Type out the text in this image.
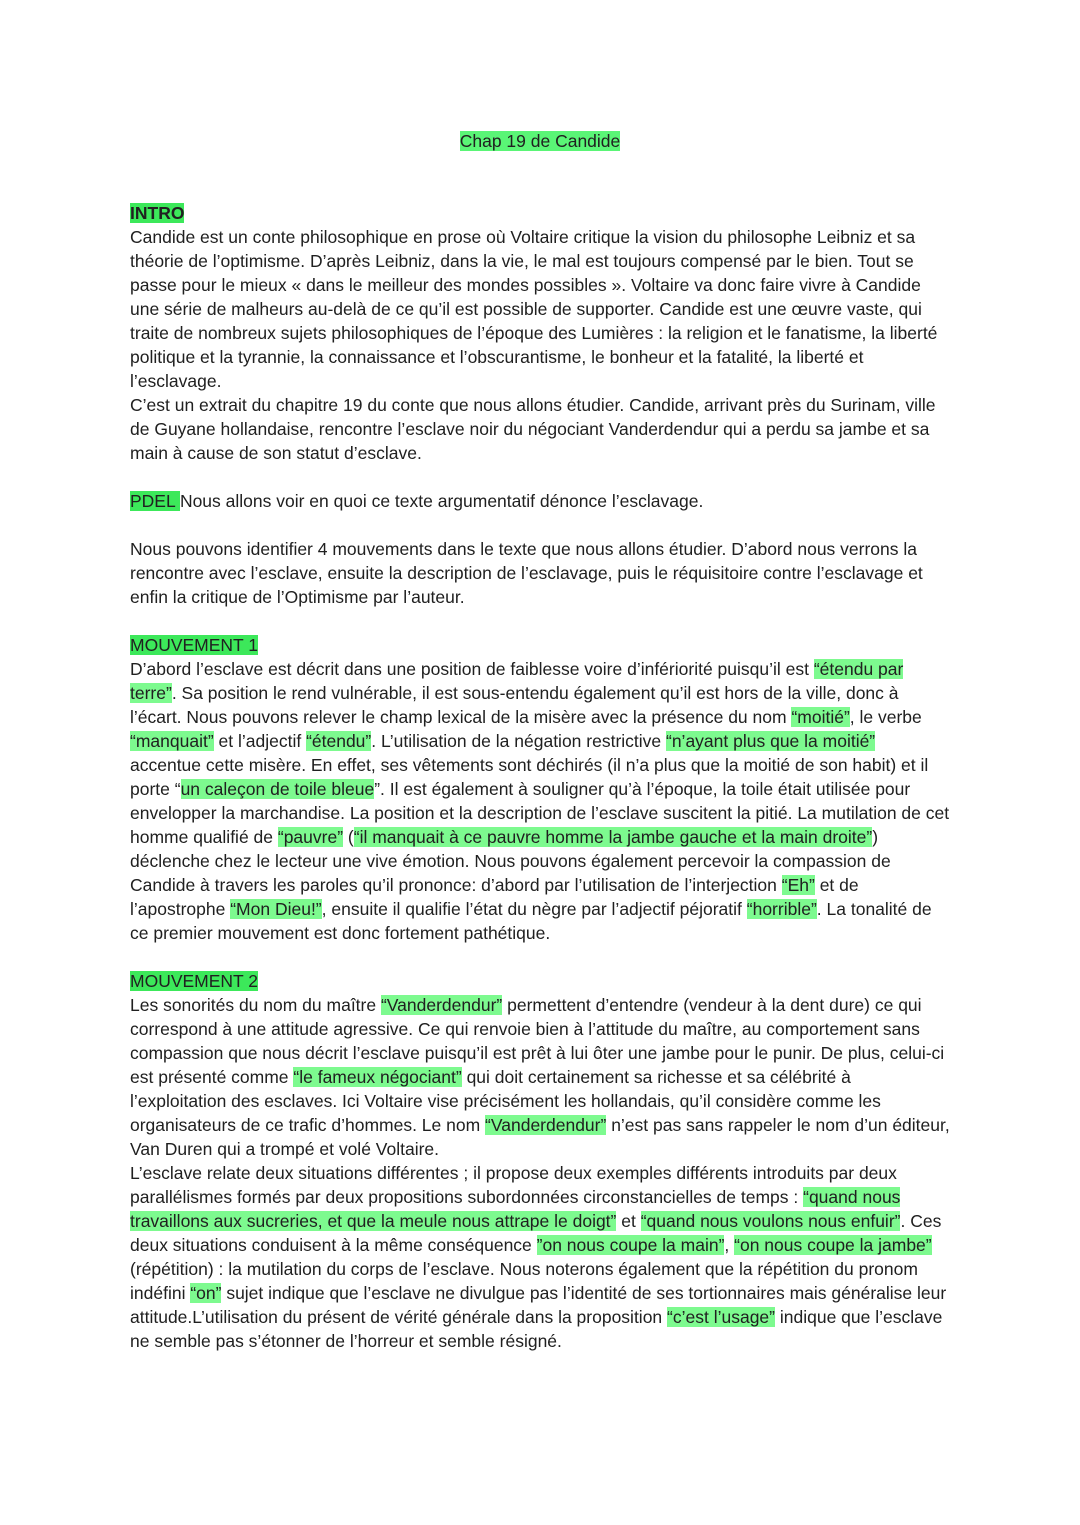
Chap 19 de Candide

INTRO

Candide est un conte philosophique en prose où Voltaire critique la vision du philosophe Leibniz et sa théorie de l’optimisme. D’après Leibniz, dans la vie, le mal est toujours compensé par le bien. Tout se passe pour le mieux « dans le meilleur des mondes possibles ». Voltaire va donc faire vivre à Candide une série de malheurs au-delà de ce qu’il est possible de supporter. Candide est une œuvre vaste, qui traite de nombreux sujets philosophiques de l’époque des Lumières : la religion et le fanatisme, la liberté politique et la tyrannie, la connaissance et l’obscurantisme, le bonheur et la fatalité, la liberté et l’esclavage.

C’est un extrait du chapitre 19 du conte que nous allons étudier. Candide, arrivant près du Surinam, ville de Guyane hollandaise, rencontre l’esclave noir du négociant Vanderdendur qui a perdu sa jambe et sa main à cause de son statut d’esclave.

PDEL Nous allons voir en quoi ce texte argumentatif dénonce l’esclavage.

Nous pouvons identifier 4 mouvements dans le texte que nous allons étudier. D’abord nous verrons la rencontre avec l’esclave, ensuite la description de l’esclavage, puis le réquisitoire contre l’esclavage et enfin la critique de l’Optimisme par l’auteur.

MOUVEMENT 1

D’abord l’esclave est décrit dans une position de faiblesse voire d’infériorité puisqu’il est “étendu par terre”. Sa position le rend vulnérable, il est sous-entendu également qu’il est hors de la ville, donc à l’écart. Nous pouvons relever le champ lexical de la misère avec la présence du nom “moitié”, le verbe “manquait” et l’adjectif “étendu”. L’utilisation de la négation restrictive “n’ayant plus que la moitié” accentue cette misère. En effet, ses vêtements sont déchirés (il n’a plus que la moitié de son habit) et il porte “un caleçon de toile bleue”. Il est également à souligner qu’à l’époque, la toile était utilisée pour envelopper la marchandise. La position et la description de l’esclave suscitent la pitié. La mutilation de cet homme qualifié de “pauvre” (“il manquait à ce pauvre homme la jambe gauche et la main droite”) déclenche chez le lecteur une vive émotion. Nous pouvons également percevoir la compassion de Candide à travers les paroles qu’il prononce: d’abord par l’utilisation de l’interjection “Eh” et de l’apostrophe “Mon Dieu!”, ensuite il qualifie l’état du nègre par l’adjectif péjoratif “horrible”. La tonalité de ce premier mouvement est donc fortement pathétique.

MOUVEMENT 2

Les sonorités du nom du maître “Vanderdendur” permettent d’entendre (vendeur à la dent dure) ce qui correspond à une attitude agressive. Ce qui renvoie bien à l’attitude du maître, au comportement sans compassion que nous décrit l’esclave puisqu’il est prêt à lui ôter une jambe pour le punir. De plus, celui-ci est présenté comme “le fameux négociant” qui doit certainement sa richesse et sa célébrité à l’exploitation des esclaves. Ici Voltaire vise précisément les hollandais, qu’il considère comme les organisateurs de ce trafic d’hommes. Le nom “Vanderdendur” n’est pas sans rappeler le nom d’un éditeur, Van Duren qui a trompé et volé Voltaire.

L’esclave relate deux situations différentes ; il propose deux exemples différents introduits par deux parallélismes formés par deux propositions subordonnées circonstancielles de temps : “quand nous travaillons aux sucreries, et que la meule nous attrape le doigt” et “quand nous voulons nous enfuir”. Ces deux situations conduisent à la même conséquence ”on nous coupe la main”, “on nous coupe la jambe” (répétition) : la mutilation du corps de l’esclave. Nous noterons également que la répétition du pronom indéfini “on” sujet indique que l’esclave ne divulgue pas l’identité de ses tortionnaires mais généralise leur attitude.L’utilisation du présent de vérité générale dans la proposition “c’est l’usage” indique que l’esclave ne semble pas s’étonner de l’horreur et semble résigné.
